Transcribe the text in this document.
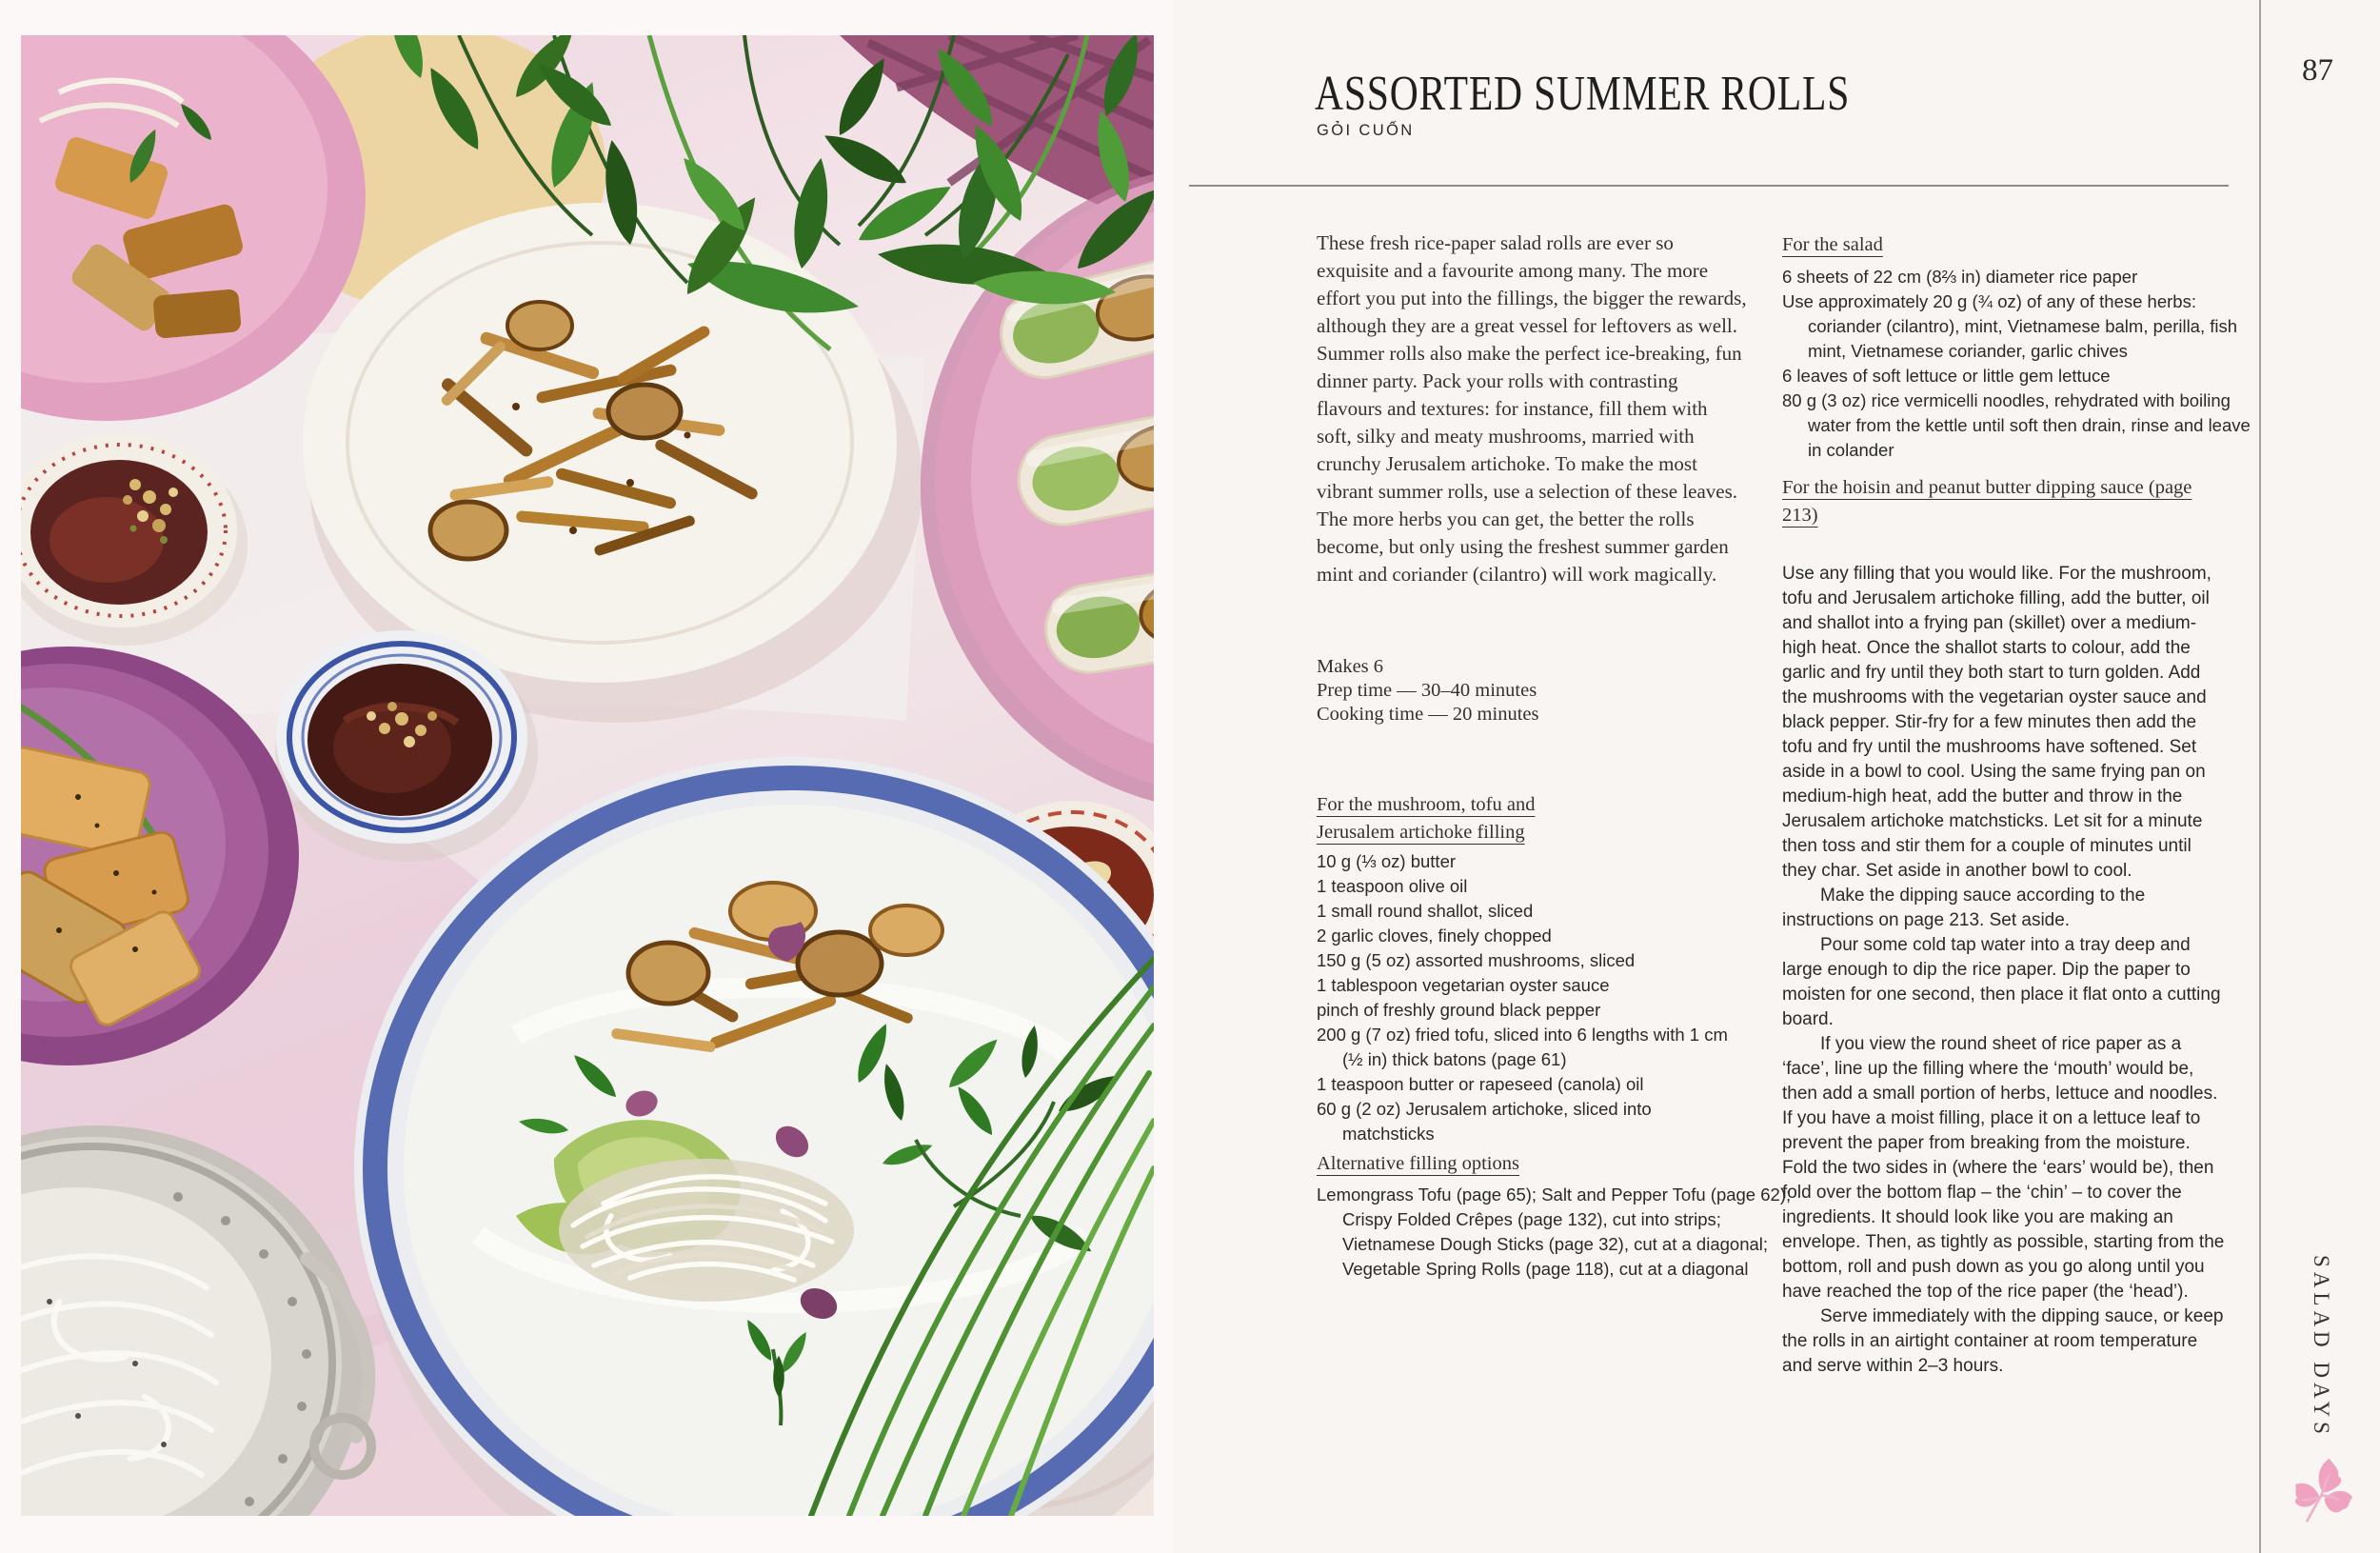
ASSORTED SUMMER ROLLS
GỎI CUỐN
87

These fresh rice-paper salad rolls are ever so exquisite and a favourite among many. The more effort you put into the fillings, the bigger the rewards, although they are a great vessel for leftovers as well. Summer rolls also make the perfect ice-breaking, fun dinner party. Pack your rolls with contrasting flavours and textures: for instance, fill them with soft, silky and meaty mushrooms, married with crunchy Jerusalem artichoke. To make the most vibrant summer rolls, use a selection of these leaves. The more herbs you can get, the better the rolls become, but only using the freshest summer garden mint and coriander (cilantro) will work magically.

Makes 6
Prep time — 30–40 minutes
Cooking time — 20 minutes
For the mushroom, tofu and Jerusalem artichoke filling
10 g (⅓ oz) butter
1 teaspoon olive oil
1 small round shallot, sliced
2 garlic cloves, finely chopped
150 g (5 oz) assorted mushrooms, sliced
1 tablespoon vegetarian oyster sauce
pinch of freshly ground black pepper
200 g (7 oz) fried tofu, sliced into 6 lengths with 1 cm (½ in) thick batons (page 61)
1 teaspoon butter or rapeseed (canola) oil
60 g (2 oz) Jerusalem artichoke, sliced into matchsticks
Alternative filling options

Lemongrass Tofu (page 65); Salt and Pepper Tofu (page 62); Crispy Folded Crêpes (page 132), cut into strips; Vietnamese Dough Sticks (page 32), cut at a diagonal; Vegetable Spring Rolls (page 118), cut at a diagonal

For the salad
6 sheets of 22 cm (8⅔ in) diameter rice paper
Use approximately 20 g (¾ oz) of any of these herbs: coriander (cilantro), mint, Vietnamese balm, perilla, fish mint, Vietnamese coriander, garlic chives
6 leaves of soft lettuce or little gem lettuce
80 g (3 oz) rice vermicelli noodles, rehydrated with boiling water from the kettle until soft then drain, rinse and leave in colander
For the hoisin and peanut butter dipping sauce (page 213)

Use any filling that you would like. For the mushroom, tofu and Jerusalem artichoke filling, add the butter, oil and shallot into a frying pan (skillet) over a medium-high heat. Once the shallot starts to colour, add the garlic and fry until they both start to turn golden. Add the mushrooms with the vegetarian oyster sauce and black pepper. Stir-fry for a few minutes then add the tofu and fry until the mushrooms have softened. Set aside in a bowl to cool. Using the same frying pan on medium-high heat, add the butter and throw in the Jerusalem artichoke matchsticks. Let sit for a minute then toss and stir them for a couple of minutes until they char. Set aside in another bowl to cool.

Make the dipping sauce according to the instructions on page 213. Set aside.

Pour some cold tap water into a tray deep and large enough to dip the rice paper. Dip the paper to moisten for one second, then place it flat onto a cutting board.

If you view the round sheet of rice paper as a ‘face’, line up the filling where the ‘mouth’ would be, then add a small portion of herbs, lettuce and noodles. If you have a moist filling, place it on a lettuce leaf to prevent the paper from breaking from the moisture. Fold the two sides in (where the ‘ears’ would be), then fold over the bottom flap – the ‘chin’ – to cover the ingredients. It should look like you are making an envelope. Then, as tightly as possible, starting from the bottom, roll and push down as you go along until you have reached the top of the rice paper (the ‘head’).

Serve immediately with the dipping sauce, or keep the rolls in an airtight container at room temperature and serve within 2–3 hours.	SALAD DAYS
